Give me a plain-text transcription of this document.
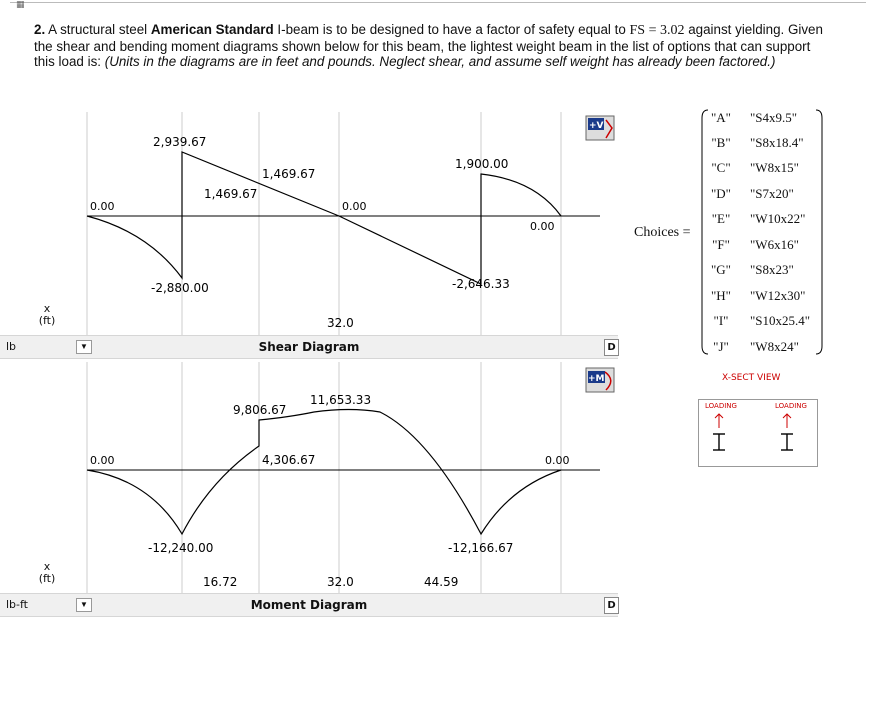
▦
2. A structural steel American Standard I-beam is to be designed to have a factor of safety equal to FS = 3.02 against yielding. Given the shear and bending moment diagrams shown below for this beam, the lightest weight beam in the list of options that can support this load is: (Units in the diagrams are in feet and pounds. Neglect shear, and assume self weight has already been factored.)
0.00
2,939.67
1,469.67
1,469.67
-2,880.00
0.00
1,900.00
-2,646.33
0.00
32.0
+V
x
(ft)
lb	▼	Shear Diagram	D
0.00
-12,240.00
9,806.67
4,306.67
11,653.33
-12,166.67
0.00
16.72	32.0	44.59
+M
x
(ft)
lb-ft	▼	Moment Diagram	D
Choices =
"A"	"S4x9.5"
"B"	"S8x18.4"
"C"	"W8x15"
"D"	"S7x20"
"E"	"W10x22"
"F"	"W6x16"
"G"	"S8x23"
"H"	"W12x30"
"I"	"S10x25.4"
"J"	"W8x24"
X-SECT VIEW
LOADING	LOADING
